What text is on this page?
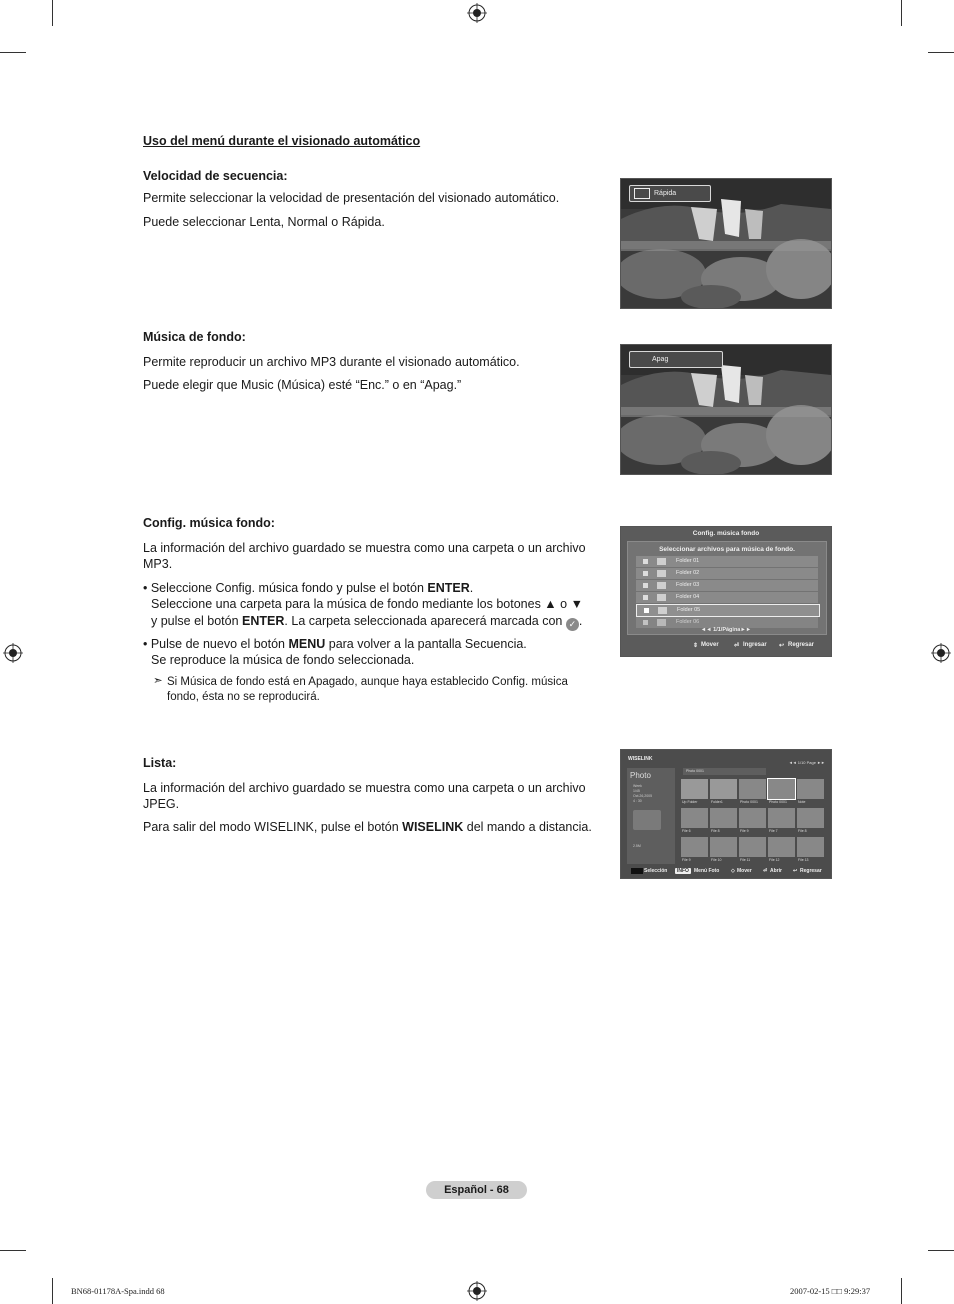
Uso del menú durante el visionado automático
Velocidad de secuencia:
Permite seleccionar la velocidad de presentación del visionado automático.
Puede seleccionar Lenta, Normal o Rápida.
Rápida
Música de fondo:
Permite reproducir un archivo MP3 durante el visionado automático.
Puede elegir que Music (Música) esté “Enc.” o en “Apag.”
Apag
Config. música fondo:
La información del archivo guardado se muestra como una carpeta o un archivo
MP3.
• Seleccione Config. música fondo y pulse el botón ENTER.
Seleccione una carpeta para la música de fondo mediante los botones ▲ o ▼
y pulse el botón ENTER. La carpeta seleccionada aparecerá marcada con ✓ .
• Pulse de nuevo el botón MENU para volver a la pantalla Secuencia.
Se reproduce la música de fondo seleccionada.
➣ Si Música de fondo está en Apagado, aunque haya establecido Config. música
fondo, ésta no se reproducirá.
Config. música fondo
Seleccionar archivos para música de fondo.
Folder 01
Folder 02
Folder 03
Folder 04
Folder 05
Folder 06
◄◄ 1/1/Página►►
⇕ Mover	⏎ Ingresar ↩ Regresar
Lista:
La información del archivo guardado se muestra como una carpeta o un archivo
JPEG.
Para salir del modo WISELINK, pulse el botón WISELINK del mando a distancia.
WISELINK
◄◄ 1/10 Page ►►
Photo
Week
1/45
Oct.26,2005
4 : 30
2.5M
Photo 0001
Up Folder	Folder1	Photo 0001	Photo 0001	Note
File 6	File 8	File 9	File 7	File 8
File 9	File 10	File 11	File 12	File 13
Selección	INFO	Menú Foto ◇ Mover ⏎ Abrir ↩ Regresar
Español - 68
BN68-01178A-Spa.indd 68	2007-02-15 □□ 9:29:37
